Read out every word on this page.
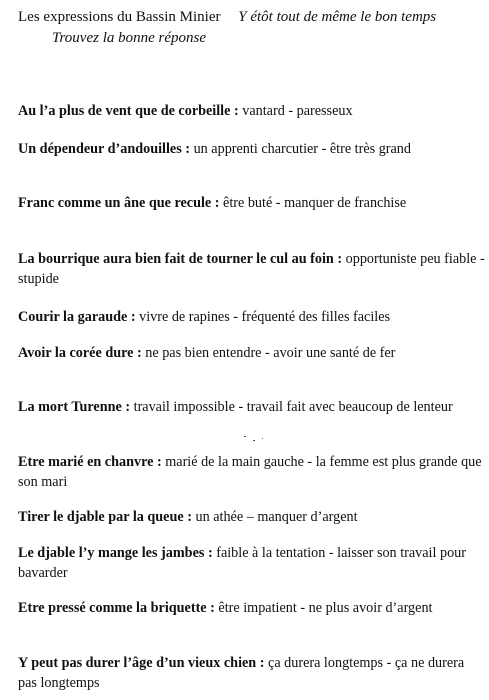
Les expressions du Bassin Minier Y étôt tout de même le bon temps
Trouvez la bonne réponse
Au l’a plus de vent que de corbeille : vantard - paresseux
Un dépendeur d’andouilles : un apprenti charcutier - être très grand
Franc comme un âne que recule : être buté - manquer de franchise
La bourrique aura bien fait de tourner le cul au foin : opportuniste peu fiable - stupide
Courir la garaude : vivre de rapines - fréquenté des filles faciles
Avoir la corée dure : ne pas bien entendre - avoir une santé de fer
La mort Turenne : travail impossible - travail fait avec beaucoup de lenteur
Etre marié en chanvre : marié de la main gauche - la femme est plus grande que son mari
Tirer le djable par la queue : un athée – manquer d’argent
Le djable l’y mange les jambes : faible à la tentation - laisser son travail pour bavarder
Etre pressé comme la briquette : être impatient - ne plus avoir d’argent
Y peut pas durer l’âge d’un vieux chien : ça durera longtemps - ça ne durera pas longtemps
